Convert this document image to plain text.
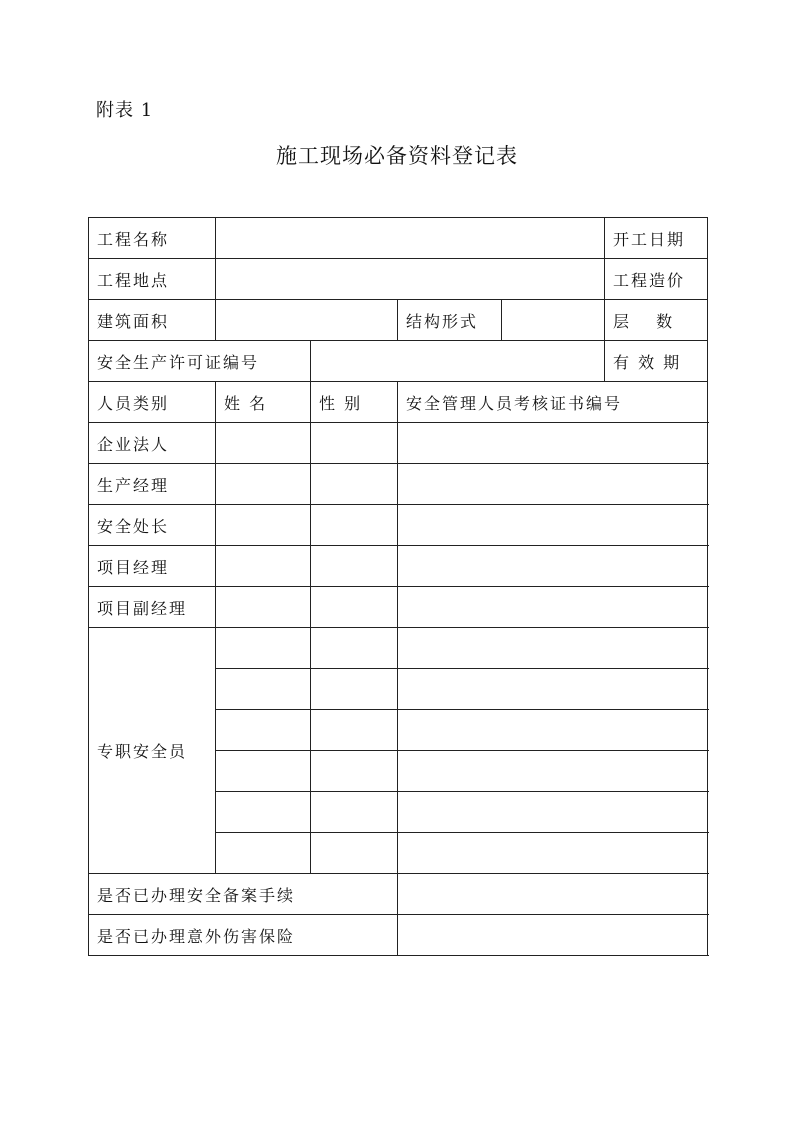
附表 1
施工现场必备资料登记表
工程名称					开工日期	
工程地点					工程造价	
建筑面积			结构形式		层　 数	
安全生产许可证编号					有 效 期	
人员类别	姓 名	性 别	安全管理人员考核证书编号			
企业法人						
生产经理						
安全处长						
项目经理						
项目副经理						
专职安全员						

是否已办理安全备案手续						
是否已办理意外伤害保险						
